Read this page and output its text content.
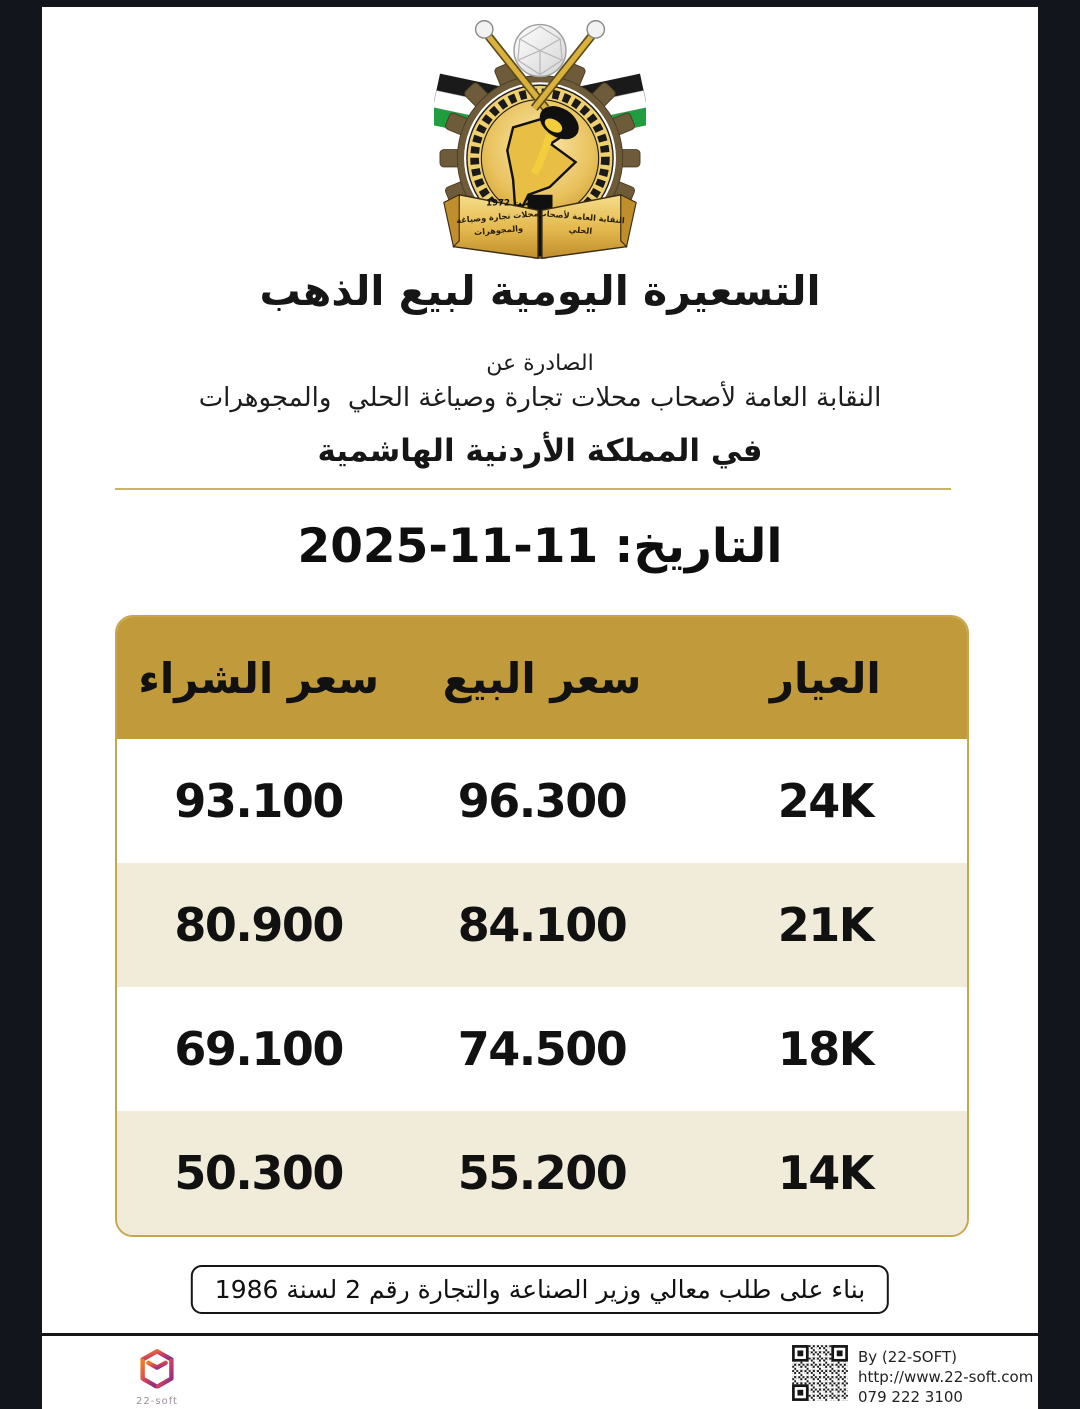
تأسست 1972
النقابة العامة لأصحاب
الحلي
محلات تجارة وصياغة
والمجوهرات
التسعيرة اليومية لبيع الذهب
الصادرة عن
النقابة العامة لأصحاب محلات تجارة وصياغة الحلي  والمجوهرات
في المملكة الأردنية الهاشمية
التاريخ: 11-11-2025
العيار
سعر البيع
سعر الشراء
24K
96.300
93.100
21K
84.100
80.900
18K
74.500
69.100
14K
55.200
50.300
بناء على طلب معالي وزير الصناعة والتجارة رقم 2 لسنة 1986
22-soft
By (22-SOFT)
http://www.22-soft.com
079 222 3100
